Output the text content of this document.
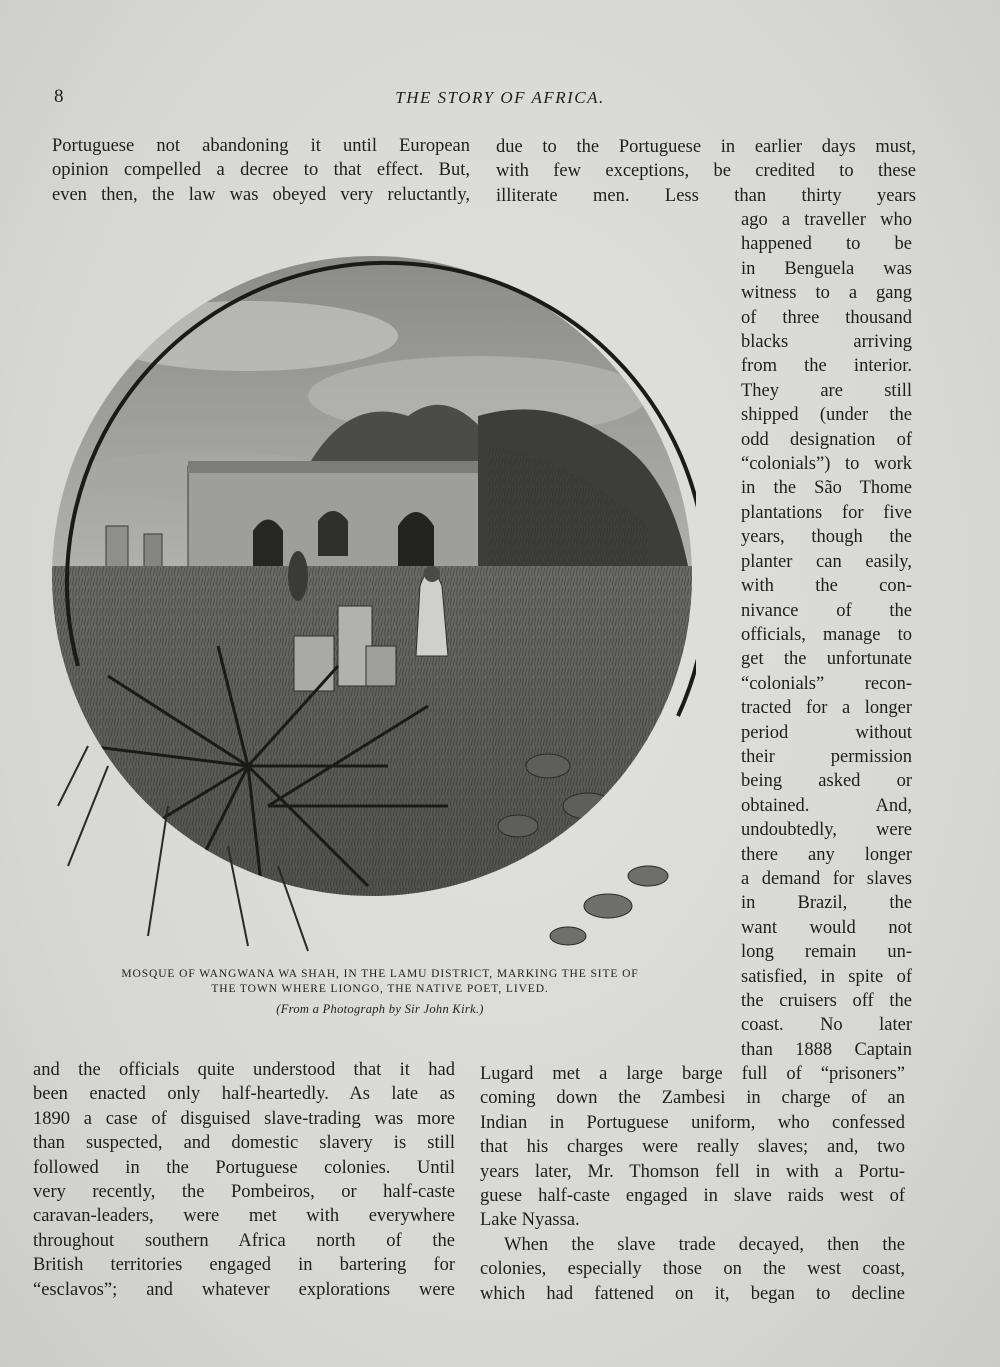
8	THE STORY OF AFRICA.

Portuguese not abandoning it until European
opinion compelled a decree to that effect. But,
even then, the law was obeyed very reluctantly,

due to the Portuguese in earlier days must,
with few exceptions, be credited to these
illiterate men. Less than thirty years

ago a traveller who
happened to be
in Benguela was
witness to a gang
of three thousand
blacks arriving
from the interior.
They are still
shipped (under the
odd designation of
“colonials”) to work
in the São Thome
plantations for five
years, though the
planter can easily,
with the con-
nivance of the
officials, manage to
get the unfortunate
“colonials” recon-
tracted for a longer
period without
their permission
being asked or
obtained. And,
undoubtedly, were
there any longer
a demand for slaves
in Brazil, the
want would not
long remain un-
satisfied, in spite of
the cruisers off the
coast. No later
than 1888 Captain

MOSQUE OF WANGWANA WA SHAH, IN THE LAMU DISTRICT, MARKING THE SITE OF
THE TOWN WHERE LIONGO, THE NATIVE POET, LIVED.
(From a Photograph by Sir John Kirk.)

and the officials quite understood that it had
been enacted only half-heartedly. As late as
1890 a case of disguised slave-trading was more
than suspected, and domestic slavery is still
followed in the Portuguese colonies. Until
very recently, the Pombeiros, or half-caste
caravan-leaders, were met with everywhere
throughout southern Africa north of the
British territories engaged in bartering for
“esclavos”; and whatever explorations were

Lugard met a large barge full of “prisoners”
coming down the Zambesi in charge of an
Indian in Portuguese uniform, who confessed
that his charges were really slaves; and, two
years later, Mr. Thomson fell in with a Portu-
guese half-caste engaged in slave raids west of
Lake Nyassa.

When the slave trade decayed, then the
colonies, especially those on the west coast,
which had fattened on it, began to decline
